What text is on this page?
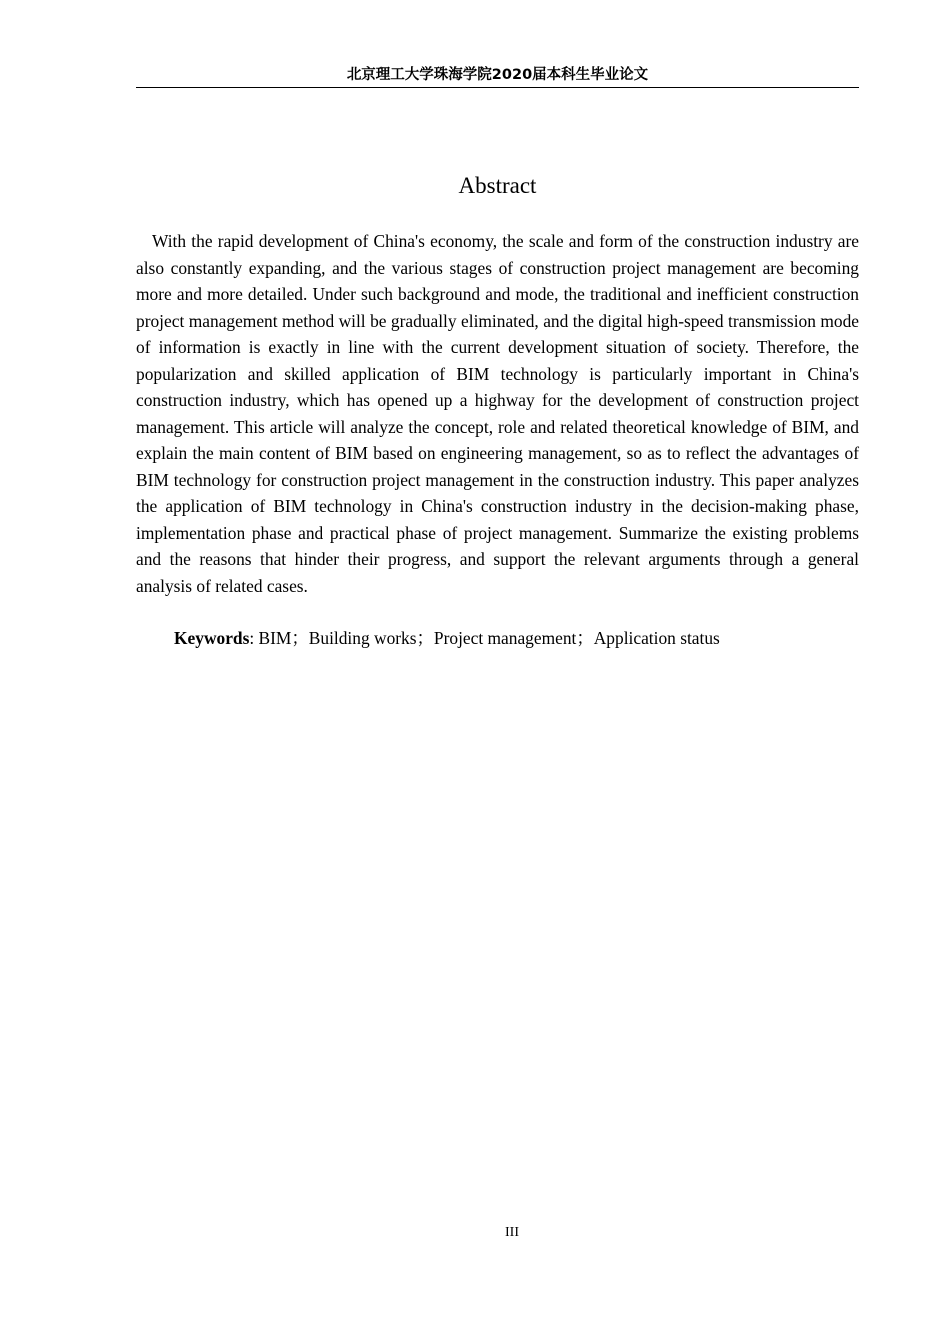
北京理工大学珠海学院2020届本科生毕业论文
Abstract

With the rapid development of China's economy, the scale and form of the construction industry are also constantly expanding, and the various stages of construction project management are becoming more and more detailed. Under such background and mode, the traditional and inefficient construction project management method will be gradually eliminated, and the digital high-speed transmission mode of information is exactly in line with the current development situation of society. Therefore, the popularization and skilled application of BIM technology is particularly important in China's construction industry, which has opened up a highway for the development of construction project management. This article will analyze the concept, role and related theoretical knowledge of BIM, and explain the main content of BIM based on engineering management, so as to reflect the advantages of BIM technology for construction project management in the construction industry. This paper analyzes the application of BIM technology in China's construction industry in the decision-making phase, implementation phase and practical phase of project management. Summarize the existing problems and the reasons that hinder their progress, and support the relevant arguments through a general analysis of related cases.

Keywords: BIM；Building works；Project management；Application status

III
